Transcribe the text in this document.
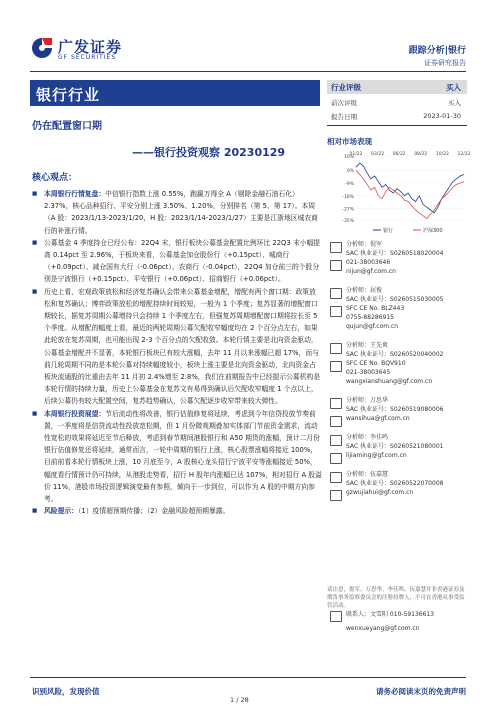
广发证券
GF SECURITIES
跟踪分析|银行
证券研究报告
银行行业
仍在配置窗口期
——银行投资观察 20230129
核心观点：

■ 本周银行行情复盘：中信银行指数上涨 0.55%，跑赢万得全 A（剔除金融石油石化）2.37%，核心品种招行、平安分别上涨 3.50%、1.20%，分别排名（第 5、第 17）。本周（A 股：2023/1/13-2023/1/20，H 股：2023/1/14-2023/1/27）主要是江浙地区城农商行的补涨行情。

■ 公募基金 4 季度持仓已经公布：22Q4 末，银行板块公募基金配置比例环比 22Q3 末小幅提高 0.14pct 至 2.96%，于板块来看，公募基金加仓股份行（+0.15pct）、城商行（+0.09pct）、减仓国有大行（-0.06pct）、农商行（-0.04pct），22Q4 加仓前三的个股分别是宁波银行（+0.15pct）、平安银行（+0.06pct）、招商银行（+0.06pct）。

■ 历史上看，宏观政策放松和经济复苏确认会带来公募基金增配，增配有两个窗口期：政策放松和复苏确认；博弈政策放松的增配持续时间较短，一般为 1 个季度；复苏显著的增配窗口期较长，据复苏周期公募增持只会持续 1 个季度左右，但强复苏周期增配窗口期将拉长至 5 个季度。从增配的幅度上看，最近的两轮周期公募欠配收窄幅度均在 2 个百分点左右，如果此轮放在复苏周期，也可能出现 2-3 个百分点的欠配收敛。本轮行情主要是北向资金驱动，公募基金增配并不显著，本轮银行板块已有较大涨幅，去年 11 月以来涨幅已超 17%，而与前几轮周期不同的是本轮公募对持续幅度较小，板块上涨主要是北向资金驱动，北向资金占板块流通股的比重由去年 11 月初 2.4%增至 2.8%，我们在前期报告中已经提示公募机构是本轮行情的持续力量，历史上公募基金在复苏文有易得到确认后欠配收窄幅度 1 个点以上，后续公募仍有较大配置空间，复苏趋势确认，公募欠配逐步收窄带来较大弹性。

■ 本周银行投资展望：节后流动性将改善，银行估值修复将延续，考虑到今年信贷投放节奏前置，一季度将是信贷流动性投放宽松期，但 1 月份微观期叠加实体部门节前资金需求，流动性宽松的效果将延迟至节后释放，考虑到春节期间港股银行和 A50 期货的涨幅，预计二月份银行估值修复还将延续，通常而言，一轮中周期的银行上涨，核心股票涨幅将接近 100%，目前前看本轮行情板块上涨，10 月底至今，A 股核心龙头招行宁波平安等涨幅接近 50%，幅度看行情预计仍可持续，从港股走势看，招行 H 股年内涨幅已达 107%，相对招行 A 股溢价 11%，港股市场投资逻辑演变最有参照，倾向于一步到位，可以作为 A 股的中期方向参考。

■ 风险提示：（1）疫情超预期传播；（2）金融风险超预期暴露。

行业评级	买入
前次评级	买入
报告日期	2023-01-30
相对市场表现
10%
0%
-9%
-18%
-27%
-35%
01/22 03/22 06/22 08/22 10/22 12/22
银行	沪深300
分析师：倪军
SAC 执业证号：S0260518020004
021-38003646
nijun@gf.com.cn
分析师：屈俊
SAC 执业证号：S0260515030005
SFC CE No. BLZ443
0755-88286915
qujun@gf.com.cn
分析师：王先爽
SAC 执业证号：S0260520040002
SFC CE No. BQV910
021-38003645
wangxianshuang@gf.com.cn
分析师：万思华
SAC 执业证号：S0260519080006
wansihua@gf.com.cn
分析师：李佳鸣
SAC 执业证号：S0260521080001
lijiaming@gf.com.cn
分析师：伍嘉慧
SAC 执业证号：S0260522070008
gzwujiahui@gf.com.cn
请注意，倪军、万思华、李佳鸣、伍嘉慧并非香港证券及期货事务监察委员会的注册持牌人，不可在香港从事受监管活动。
联系人：文雪阳 010-59136613
wenxueyang@gf.com.cn
识别风险，发现价值	请务必阅读末页的免责声明
1 / 28
